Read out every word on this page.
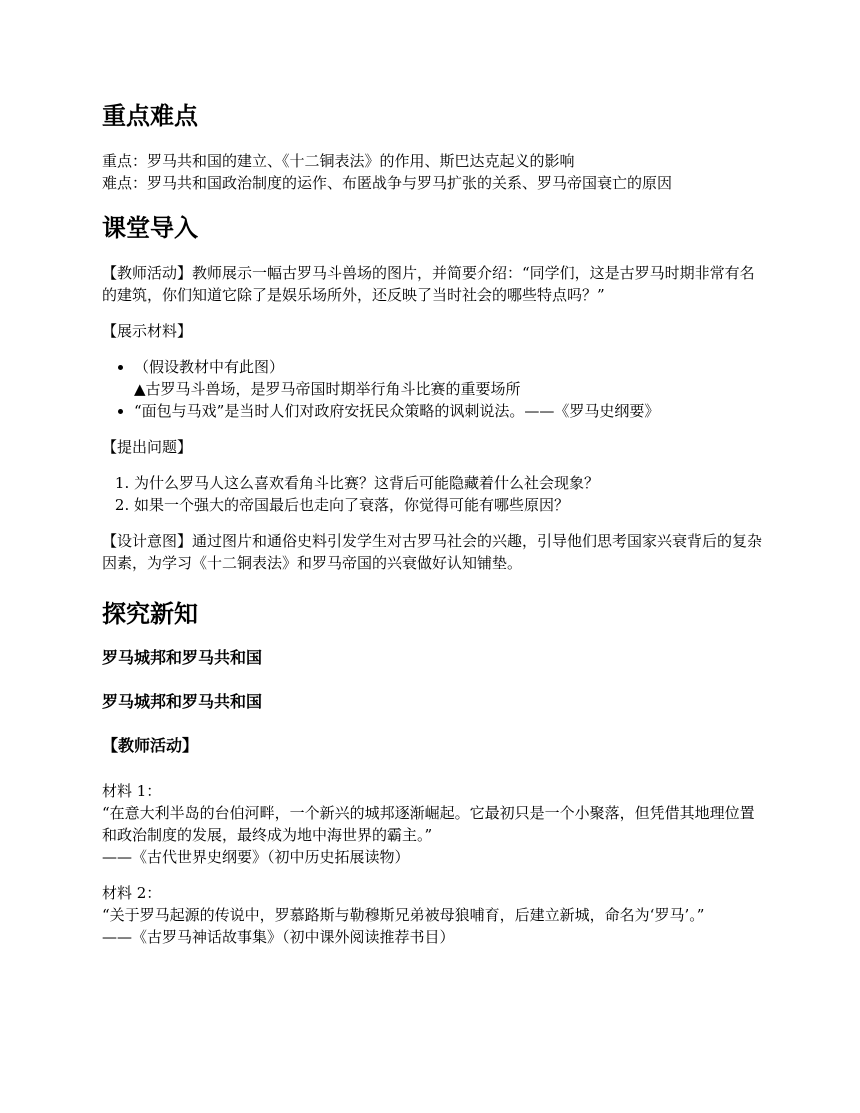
重点难点

重点：罗马共和国的建立、《十二铜表法》的作用、斯巴达克起义的影响
难点：罗马共和国政治制度的运作、布匿战争与罗马扩张的关系、罗马帝国衰亡的原因

课堂导入

【教师活动】教师展示一幅古罗马斗兽场的图片，并简要介绍：“同学们，这是古罗马时期非常有名的建筑，你们知道它除了是娱乐场所外，还反映了当时社会的哪些特点吗？”

【展示材料】

• （假设教材中有此图）
▲古罗马斗兽场，是罗马帝国时期举行角斗比赛的重要场所
• “面包与马戏”是当时人们对政府安抚民众策略的讽刺说法。——《罗马史纲要》

【提出问题】

1. 为什么罗马人这么喜欢看角斗比赛？这背后可能隐藏着什么社会现象？
2. 如果一个强大的帝国最后也走向了衰落，你觉得可能有哪些原因？

【设计意图】通过图片和通俗史料引发学生对古罗马社会的兴趣，引导他们思考国家兴衰背后的复杂因素，为学习《十二铜表法》和罗马帝国的兴衰做好认知铺垫。

探究新知
罗马城邦和罗马共和国
罗马城邦和罗马共和国
【教师活动】

材料 1：
“在意大利半岛的台伯河畔，一个新兴的城邦逐渐崛起。它最初只是一个小聚落，但凭借其地理位置和政治制度的发展，最终成为地中海世界的霸主。”
——《古代世界史纲要》（初中历史拓展读物）

材料 2：
“关于罗马起源的传说中，罗慕路斯与勒穆斯兄弟被母狼哺育，后建立新城，命名为‘罗马’。”
——《古罗马神话故事集》（初中课外阅读推荐书目）
